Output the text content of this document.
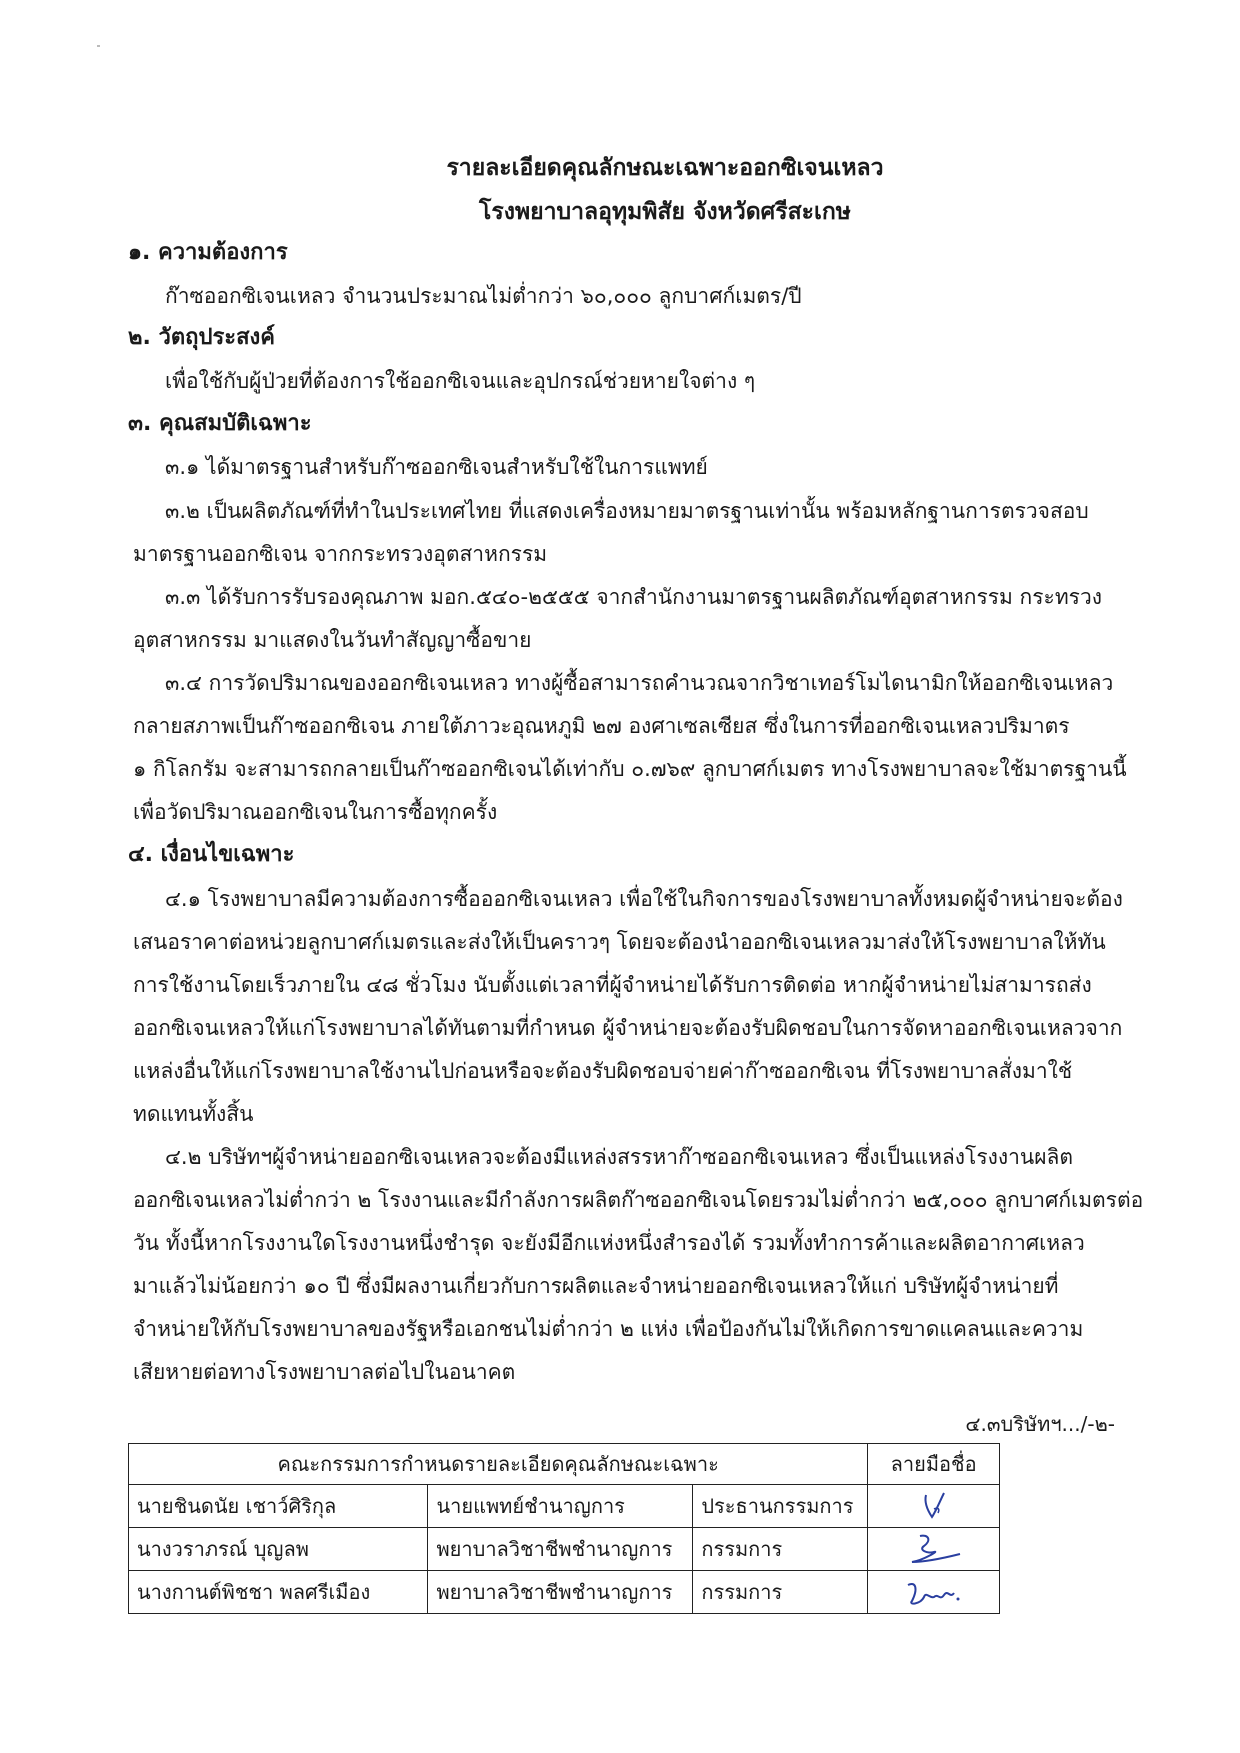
รายละเอียดคุณลักษณะเฉพาะออกซิเจนเหลว
โรงพยาบาลอุทุมพิสัย จังหวัดศรีสะเกษ
๑. ความต้องการ
ก๊าซออกซิเจนเหลว จำนวนประมาณไม่ต่ำกว่า ๖๐,๐๐๐ ลูกบาศก์เมตร/ปี
๒. วัตถุประสงค์
เพื่อใช้กับผู้ป่วยที่ต้องการใช้ออกซิเจนและอุปกรณ์ช่วยหายใจต่าง ๆ
๓. คุณสมบัติเฉพาะ
๓.๑ ได้มาตรฐานสำหรับก๊าซออกซิเจนสำหรับใช้ในการแพทย์
๓.๒ เป็นผลิตภัณฑ์ที่ทำในประเทศไทย ที่แสดงเครื่องหมายมาตรฐานเท่านั้น พร้อมหลักฐานการตรวจสอบ
มาตรฐานออกซิเจน จากกระทรวงอุตสาหกรรม
๓.๓ ได้รับการรับรองคุณภาพ มอก.๕๔๐-๒๕๕๕ จากสำนักงานมาตรฐานผลิตภัณฑ์อุตสาหกรรม กระทรวง
อุตสาหกรรม มาแสดงในวันทำสัญญาซื้อขาย
๓.๔ การวัดปริมาณของออกซิเจนเหลว ทางผู้ซื้อสามารถคำนวณจากวิชาเทอร์โมไดนามิกให้ออกซิเจนเหลว
กลายสภาพเป็นก๊าซออกซิเจน ภายใต้ภาวะอุณหภูมิ ๒๗ องศาเซลเซียส ซึ่งในการที่ออกซิเจนเหลวปริมาตร
๑ กิโลกรัม จะสามารถกลายเป็นก๊าซออกซิเจนได้เท่ากับ ๐.๗๖๙ ลูกบาศก์เมตร ทางโรงพยาบาลจะใช้มาตรฐานนี้
เพื่อวัดปริมาณออกซิเจนในการซื้อทุกครั้ง
๔. เงื่อนไขเฉพาะ
๔.๑ โรงพยาบาลมีความต้องการซื้อออกซิเจนเหลว เพื่อใช้ในกิจการของโรงพยาบาลทั้งหมดผู้จำหน่ายจะต้อง
เสนอราคาต่อหน่วยลูกบาศก์เมตรและส่งให้เป็นคราวๆ โดยจะต้องนำออกซิเจนเหลวมาส่งให้โรงพยาบาลให้ทัน
การใช้งานโดยเร็วภายใน ๔๘ ชั่วโมง นับตั้งแต่เวลาที่ผู้จำหน่ายได้รับการติดต่อ หากผู้จำหน่ายไม่สามารถส่ง
ออกซิเจนเหลวให้แก่โรงพยาบาลได้ทันตามที่กำหนด ผู้จำหน่ายจะต้องรับผิดชอบในการจัดหาออกซิเจนเหลวจาก
แหล่งอื่นให้แก่โรงพยาบาลใช้งานไปก่อนหรือจะต้องรับผิดชอบจ่ายค่าก๊าซออกซิเจน ที่โรงพยาบาลสั่งมาใช้
ทดแทนทั้งสิ้น
๔.๒ บริษัทฯผู้จำหน่ายออกซิเจนเหลวจะต้องมีแหล่งสรรหาก๊าซออกซิเจนเหลว ซึ่งเป็นแหล่งโรงงานผลิต
ออกซิเจนเหลวไม่ต่ำกว่า ๒ โรงงานและมีกำลังการผลิตก๊าซออกซิเจนโดยรวมไม่ต่ำกว่า ๒๕,๐๐๐ ลูกบาศก์เมตรต่อ
วัน ทั้งนี้หากโรงงานใดโรงงานหนึ่งชำรุด จะยังมีอีกแห่งหนึ่งสำรองได้ รวมทั้งทำการค้าและผลิตอากาศเหลว
มาแล้วไม่น้อยกว่า ๑๐ ปี ซึ่งมีผลงานเกี่ยวกับการผลิตและจำหน่ายออกซิเจนเหลวให้แก่ บริษัทผู้จำหน่ายที่
จำหน่ายให้กับโรงพยาบาลของรัฐหรือเอกชนไม่ต่ำกว่า ๒ แห่ง เพื่อป้องกันไม่ให้เกิดการขาดแคลนและความ
เสียหายต่อทางโรงพยาบาลต่อไปในอนาคต
๔.๓บริษัทฯ.../-๒-
คณะกรรมการกำหนดรายละเอียดคุณลักษณะเฉพาะ			ลายมือชื่อ
นายชินดนัย เชาว์ศิริกุล	นายแพทย์ชำนาญการ	ประธานกรรมการ	

นางวราภรณ์ บุญลพ	พยาบาลวิชาชีพชำนาญการ	กรรมการ	

นางกานต์พิชชา พลศรีเมือง	พยาบาลวิชาชีพชำนาญการ	กรรมการ	
